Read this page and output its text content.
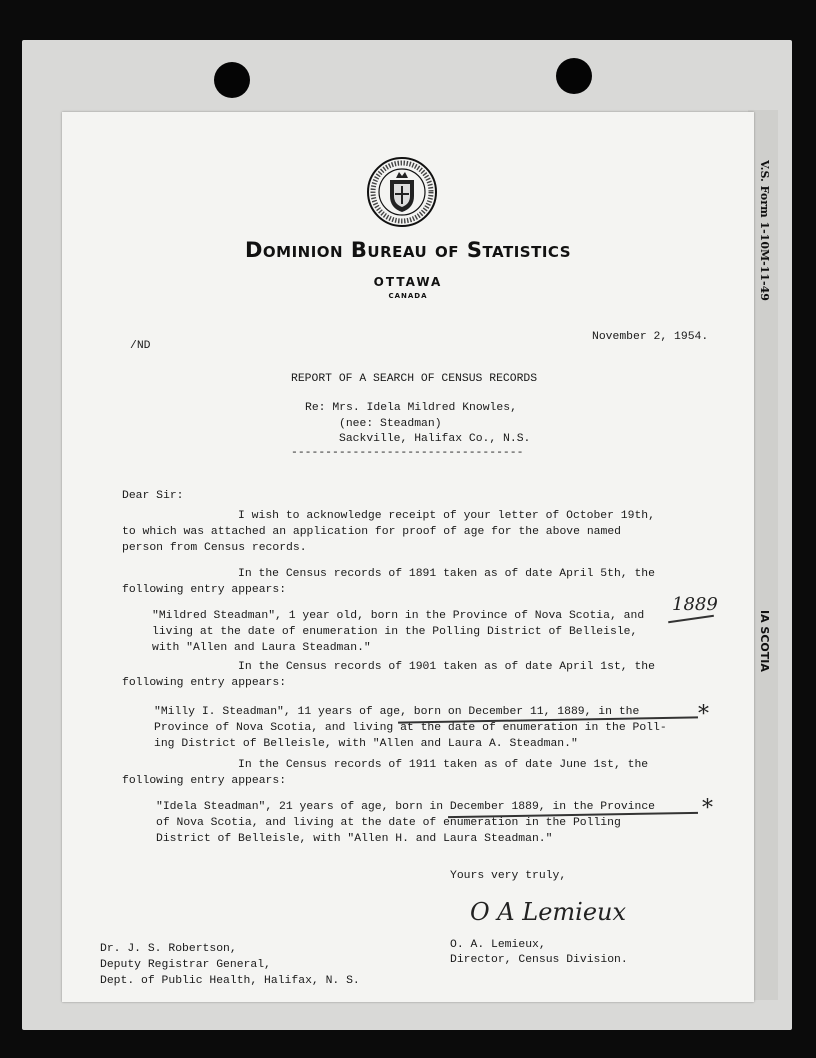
V.S. Form 1-10M-11-49
IA SCOTIA
Dominion Bureau of Statistics
OTTAWA
CANADA
/ND
November 2, 1954.
REPORT OF A SEARCH OF CENSUS RECORDS
Re: Mrs. Idela Mildred Knowles,
(nee: Steadman)
Sackville, Halifax Co., N.S.
----------------------------------
Dear Sir:
I wish to acknowledge receipt of your letter of October 19th,
to which was attached an application for proof of age for the above named
person from Census records.
In the Census records of 1891 taken as of date April 5th, the
following entry appears:
"Mildred Steadman", 1 year old, born in the Province of Nova Scotia, and
living at the date of enumeration in the Polling District of Belleisle,
with "Allen and Laura Steadman."
1889
In the Census records of 1901 taken as of date April 1st, the
following entry appears:
"Milly I. Steadman", 11 years of age, born on December 11, 1889, in the
Province of Nova Scotia, and living at the date of enumeration in the Poll-
ing District of Belleisle, with "Allen and Laura A. Steadman."
*
In the Census records of 1911 taken as of date June 1st, the
following entry appears:
"Idela Steadman", 21 years of age, born in December 1889, in the Province
of Nova Scotia, and living at the date of enumeration in the Polling
District of Belleisle, with "Allen H. and Laura Steadman."
*
Yours very truly,
O A Lemieux
O. A. Lemieux,
Director, Census Division.
Dr. J. S. Robertson,
Deputy Registrar General,
Dept. of Public Health, Halifax, N. S.
